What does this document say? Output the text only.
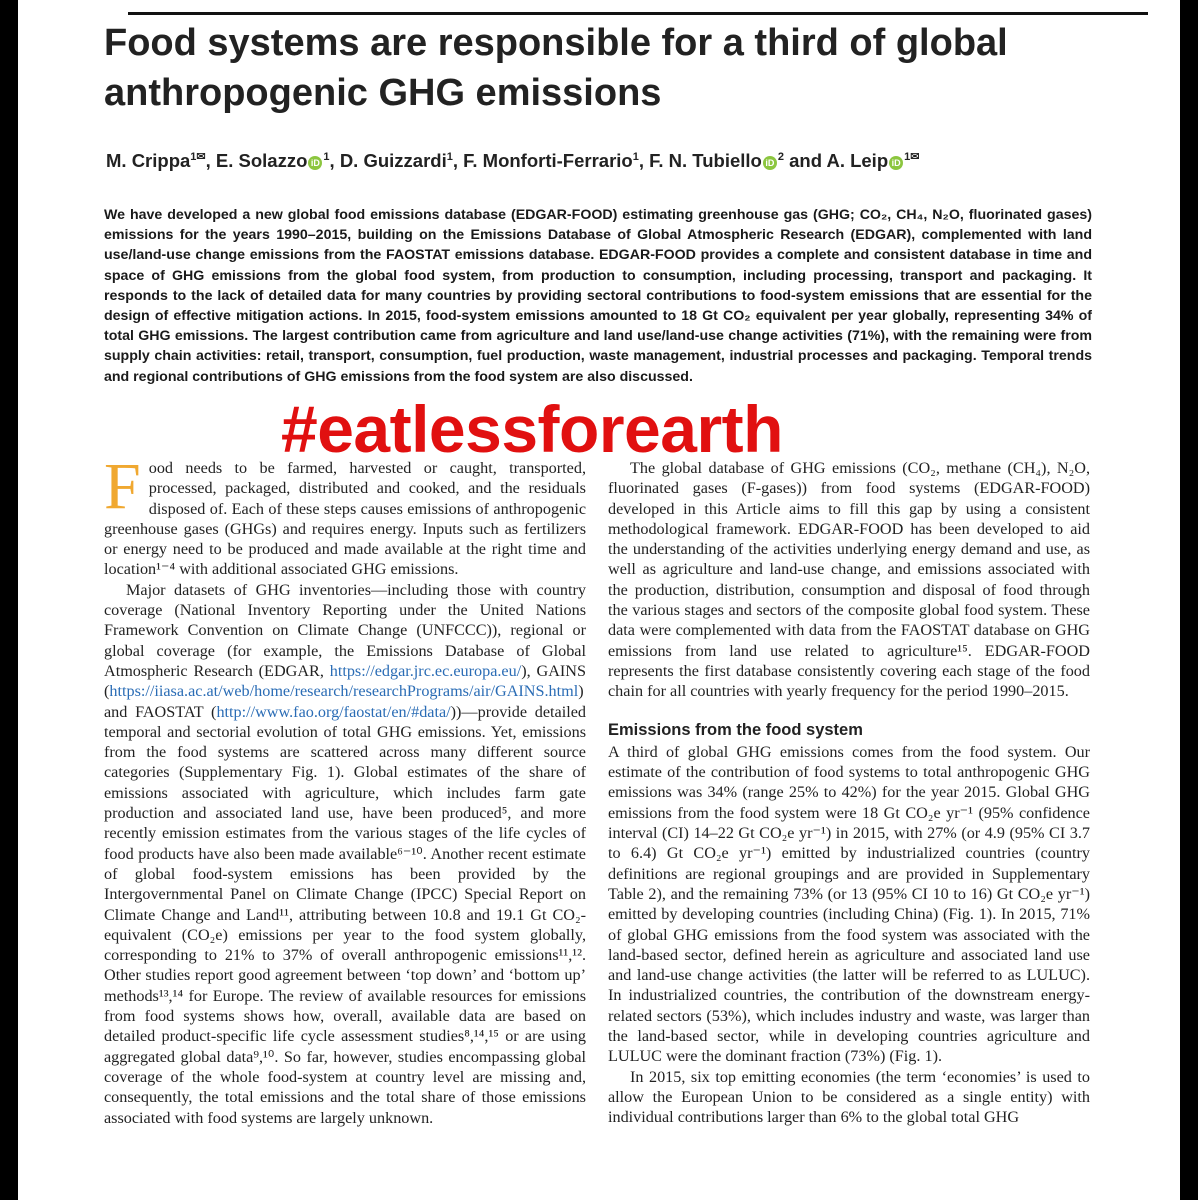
Food systems are responsible for a third of global anthropogenic GHG emissions
M. Crippa$^{1✉}$, E. Solazzo $iD^1$, D. Guizzardi$^1$, F. Monforti-Ferrario$^1$, F. N. Tubiello $iD^2$ and A. Leip $iD^{1✉}$

We have developed a new global food emissions database (EDGAR-FOOD) estimating greenhouse gas (GHG; CO₂, CH₄, N₂O, fluorinated gases) emissions for the years 1990–2015, building on the Emissions Database of Global Atmospheric Research (EDGAR), complemented with land use/land-use change emissions from the FAOSTAT emissions database. EDGAR-FOOD provides a complete and consistent database in time and space of GHG emissions from the global food system, from production to consumption, including processing, transport and packaging. It responds to the lack of detailed data for many countries by providing sectoral contributions to food-system emissions that are essential for the design of effective mitigation actions. In 2015, food-system emissions amounted to 18 Gt CO₂ equivalent per year globally, representing 34% of total GHG emissions. The largest contribution came from agriculture and land use/land-use change activities (71%), with the remaining were from supply chain activities: retail, transport, consumption, fuel production, waste management, industrial processes and packaging. Temporal trends and regional contributions of GHG emissions from the food system are also discussed.

#eatlessforearth

Food needs to be farmed, harvested or caught, transported, processed, packaged, distributed and cooked, and the residuals disposed of. Each of these steps causes emissions of anthropogenic greenhouse gases (GHGs) and requires energy. Inputs such as fertilizers or energy need to be produced and made available at the right time and location¹⁻⁴ with additional associated GHG emissions.

Major datasets of GHG inventories—including those with country coverage (National Inventory Reporting under the United Nations Framework Convention on Climate Change (UNFCCC)), regional or global coverage (for example, the Emissions Database of Global Atmospheric Research (EDGAR, https://edgar.jrc.ec.europa.eu/), GAINS (https://iiasa.ac.at/web/home/research/researchPrograms/air/GAINS.html) and FAOSTAT (http://www.fao.org/faostat/en/#data/))—provide detailed temporal and sectorial evolution of total GHG emissions. Yet, emissions from the food systems are scattered across many different source categories (Supplementary Fig. 1). Global estimates of the share of emissions associated with agriculture, which includes farm gate production and associated land use, have been produced⁵, and more recently emission estimates from the various stages of the life cycles of food products have also been made available⁶⁻¹⁰. Another recent estimate of global food-system emissions has been provided by the Intergovernmental Panel on Climate Change (IPCC) Special Report on Climate Change and Land¹¹, attributing between 10.8 and 19.1 Gt CO₂-equivalent (CO₂e) emissions per year to the food system globally, corresponding to 21% to 37% of overall anthropogenic emissions¹¹,¹². Other studies report good agreement between ‘top down’ and ‘bottom up’ methods¹³,¹⁴ for Europe. The review of available resources for emissions from food systems shows how, overall, available data are based on detailed product-specific life cycle assessment studies⁸,¹⁴,¹⁵ or are using aggregated global data⁹,¹⁰. So far, however, studies encompassing global coverage of the whole food-system at country level are missing and, consequently, the total emissions and the total share of those emissions associated with food systems are largely unknown.

The global database of GHG emissions (CO₂, methane (CH₄), N₂O, fluorinated gases (F-gases)) from food systems (EDGAR-FOOD) developed in this Article aims to fill this gap by using a consistent methodological framework. EDGAR-FOOD has been developed to aid the understanding of the activities underlying energy demand and use, as well as agriculture and land-use change, and emissions associated with the production, distribution, consumption and disposal of food through the various stages and sectors of the composite global food system. These data were complemented with data from the FAOSTAT database on GHG emissions from land use related to agriculture¹⁵. EDGAR-FOOD represents the first database consistently covering each stage of the food chain for all countries with yearly frequency for the period 1990–2015.

Emissions from the food system

A third of global GHG emissions comes from the food system. Our estimate of the contribution of food systems to total anthropogenic GHG emissions was 34% (range 25% to 42%) for the year 2015. Global GHG emissions from the food system were 18 Gt CO₂e yr⁻¹ (95% confidence interval (CI) 14–22 Gt CO₂e yr⁻¹) in 2015, with 27% (or 4.9 (95% CI 3.7 to 6.4) Gt CO₂e yr⁻¹) emitted by industrialized countries (country definitions are regional groupings and are provided in Supplementary Table 2), and the remaining 73% (or 13 (95% CI 10 to 16) Gt CO₂e yr⁻¹) emitted by developing countries (including China) (Fig. 1). In 2015, 71% of global GHG emissions from the food system was associated with the land-based sector, defined herein as agriculture and associated land use and land-use change activities (the latter will be referred to as LULUC). In industrialized countries, the contribution of the downstream energy-related sectors (53%), which includes industry and waste, was larger than the land-based sector, while in developing countries agriculture and LULUC were the dominant fraction (73%) (Fig. 1).

In 2015, six top emitting economies (the term ‘economies’ is used to allow the European Union to be considered as a single entity) with individual contributions larger than 6% to the global total GHG
